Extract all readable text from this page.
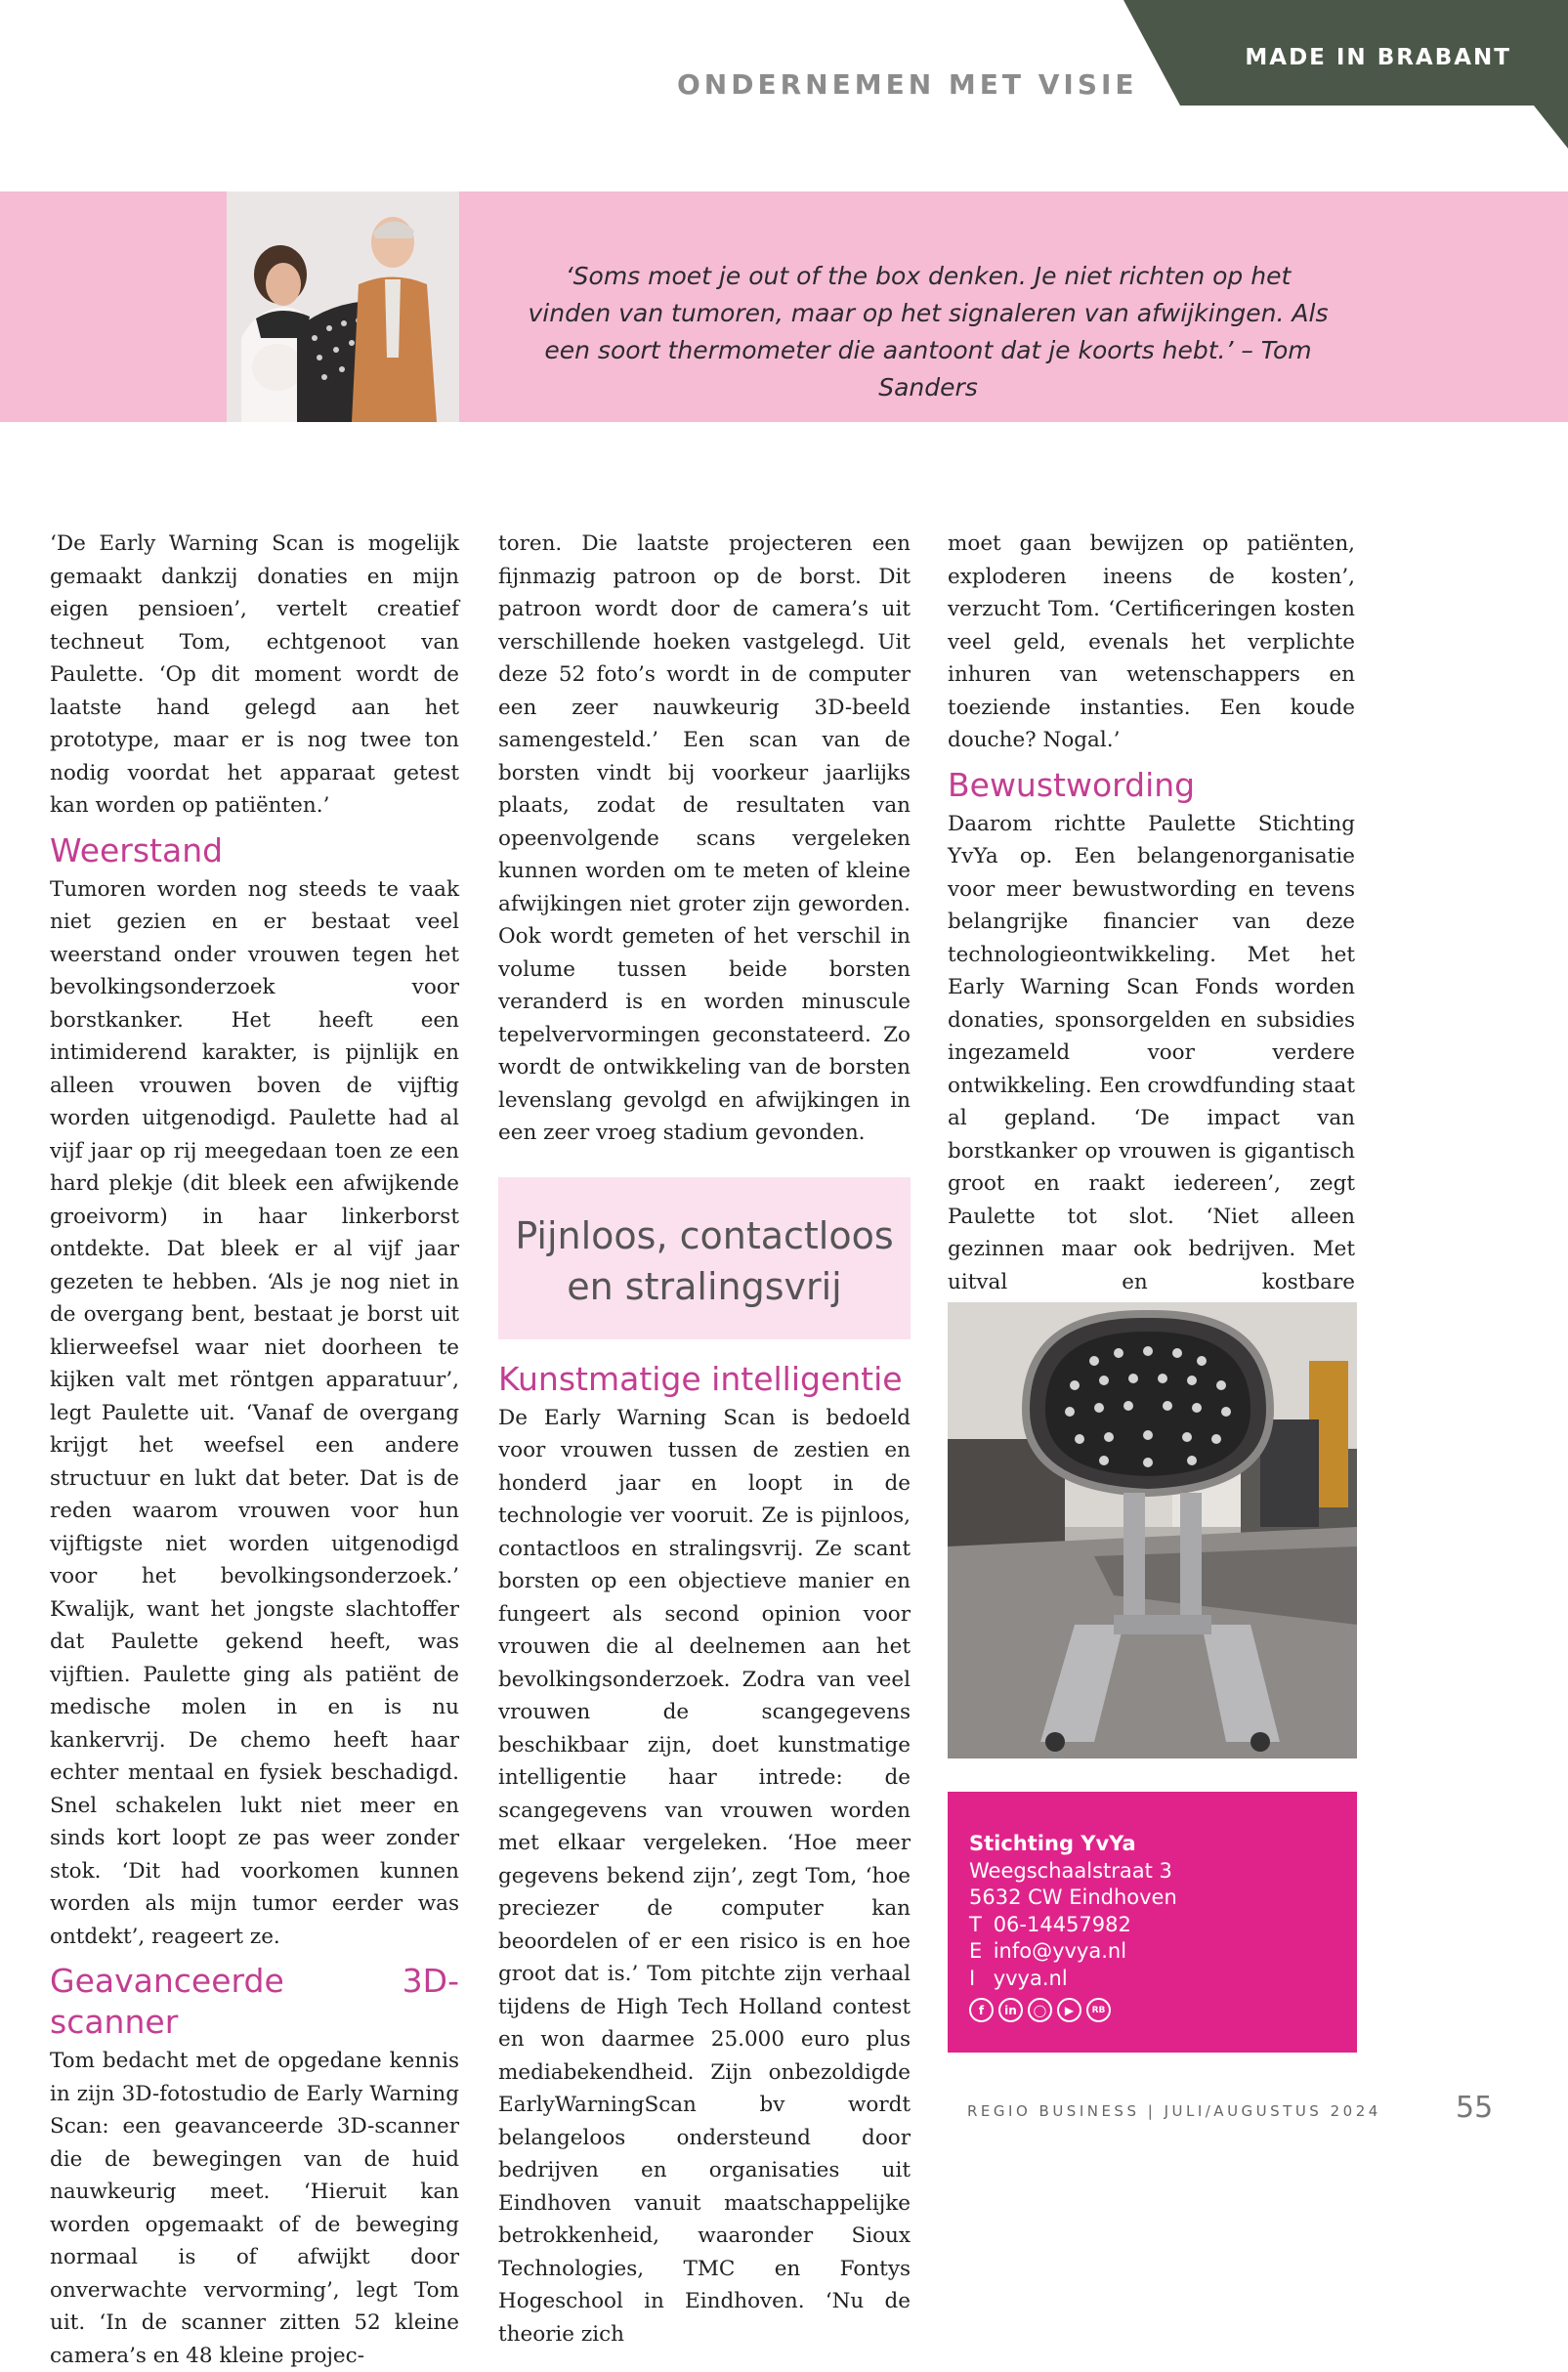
MADE IN BRABANT
ONDERNEMEN MET VISIE
‘Soms moet je out of the box denken. Je niet richten op het vinden van tumoren, maar op het signaleren van afwijkingen. Als een soort thermometer die aantoont dat je koorts hebt.’ – Tom Sanders

‘De Early Warning Scan is mogelijk gemaakt dankzij donaties en mijn eigen pensioen’, vertelt creatief techneut Tom, echtgenoot van Paulette. ‘Op dit moment wordt de laatste hand gelegd aan het prototype, maar er is nog twee ton nodig voordat het apparaat getest kan worden op patiënten.’

Weerstand

Tumoren worden nog steeds te vaak niet gezien en er bestaat veel weerstand onder vrouwen tegen het bevolkingsonderzoek voor borstkanker. Het heeft een intimiderend karakter, is pijnlijk en alleen vrouwen boven de vijftig worden uitgenodigd. Paulette had al vijf jaar op rij meegedaan toen ze een hard plekje (dit bleek een afwijkende groeivorm) in haar linkerborst ontdekte. Dat bleek er al vijf jaar gezeten te hebben. ‘Als je nog niet in de overgang bent, bestaat je borst uit klierweefsel waar niet doorheen te kijken valt met röntgen apparatuur’, legt Paulette uit. ‘Vanaf de overgang krijgt het weefsel een andere structuur en lukt dat beter. Dat is de reden waarom vrouwen voor hun vijftigste niet worden uitgenodigd voor het bevolkingsonderzoek.’ Kwalijk, want het jongste slachtoffer dat Paulette gekend heeft, was vijftien. Paulette ging als patiënt de medische molen in en is nu kankervrij. De chemo heeft haar echter mentaal en fysiek beschadigd. Snel schakelen lukt niet meer en sinds kort loopt ze pas weer zonder stok. ‘Dit had voorkomen kunnen worden als mijn tumor eerder was ontdekt’, reageert ze.

Geavanceerde 3D-scanner

Tom bedacht met de opgedane kennis in zijn 3D-fotostudio de Early Warning Scan: een geavanceerde 3D-scanner die de bewegingen van de huid nauwkeurig meet. ‘Hieruit kan worden opgemaakt of de beweging normaal is of afwijkt door onverwachte vervorming’, legt Tom uit. ‘In de scanner zitten 52 kleine camera’s en 48 kleine projec-

toren. Die laatste projecteren een fijnmazig patroon op de borst. Dit patroon wordt door de camera’s uit verschillende hoeken vastgelegd. Uit deze 52 foto’s wordt in de computer een zeer nauwkeurig 3D-beeld samengesteld.’ Een scan van de borsten vindt bij voorkeur jaarlijks plaats, zodat de resultaten van opeenvolgende scans vergeleken kunnen worden om te meten of kleine afwijkingen niet groter zijn geworden. Ook wordt gemeten of het verschil in volume tussen beide borsten veranderd is en worden minuscule tepelvervormingen geconstateerd. Zo wordt de ontwikkeling van de borsten levenslang gevolgd en afwijkingen in een zeer vroeg stadium gevonden.

Pijnloos, contactloos
en stralingsvrij
Kunstmatige intelligentie

De Early Warning Scan is bedoeld voor vrouwen tussen de zestien en honderd jaar en loopt in de technologie ver vooruit. Ze is pijnloos, contactloos en stralingsvrij. Ze scant borsten op een objectieve manier en fungeert als second opinion voor vrouwen die al deelnemen aan het bevolkingsonderzoek. Zodra van veel vrouwen de scangegevens beschikbaar zijn, doet kunstmatige intelligentie haar intrede: de scangegevens van vrouwen worden met elkaar vergeleken. ‘Hoe meer gegevens bekend zijn’, zegt Tom, ‘hoe preciezer de computer kan beoordelen of er een risico is en hoe groot dat is.’ Tom pitchte zijn verhaal tijdens de High Tech Holland contest en won daarmee 25.000 euro plus mediabekendheid. Zijn onbezoldigde EarlyWarningScan bv wordt belangeloos ondersteund door bedrijven en organisaties uit Eindhoven vanuit maatschappelijke betrokkenheid, waaronder Sioux Technologies, TMC en Fontys Hogeschool in Eindhoven. ‘Nu de theorie zich

moet gaan bewijzen op patiënten, exploderen ineens de kosten’, verzucht Tom. ‘Certificeringen kosten veel geld, evenals het verplichte inhuren van wetenschappers en toeziende instanties. Een koude douche? Nogal.’

Bewustwording

Daarom richtte Paulette Stichting YvYa op. Een belangenorganisatie voor meer bewustwording en tevens belangrijke financier van deze technologieontwikkeling. Met het Early Warning Scan Fonds worden donaties, sponsorgelden en subsidies ingezameld voor verdere ontwikkeling. Een crowdfunding staat al gepland. ‘De impact van borstkanker op vrouwen is gigantisch groot en raakt iedereen’, zegt Paulette tot slot. ‘Niet alleen gezinnen maar ook bedrijven. Met uitval en kostbare

Stichting YvYa
Weegschaalstraat 3
5632 CW Eindhoven
T 06-14457982
E info@yvya.nl
I yvya.nl
f	in	◯	▶	RB
REGIO BUSINESS | JULI/AUGUSTUS 2024	55
